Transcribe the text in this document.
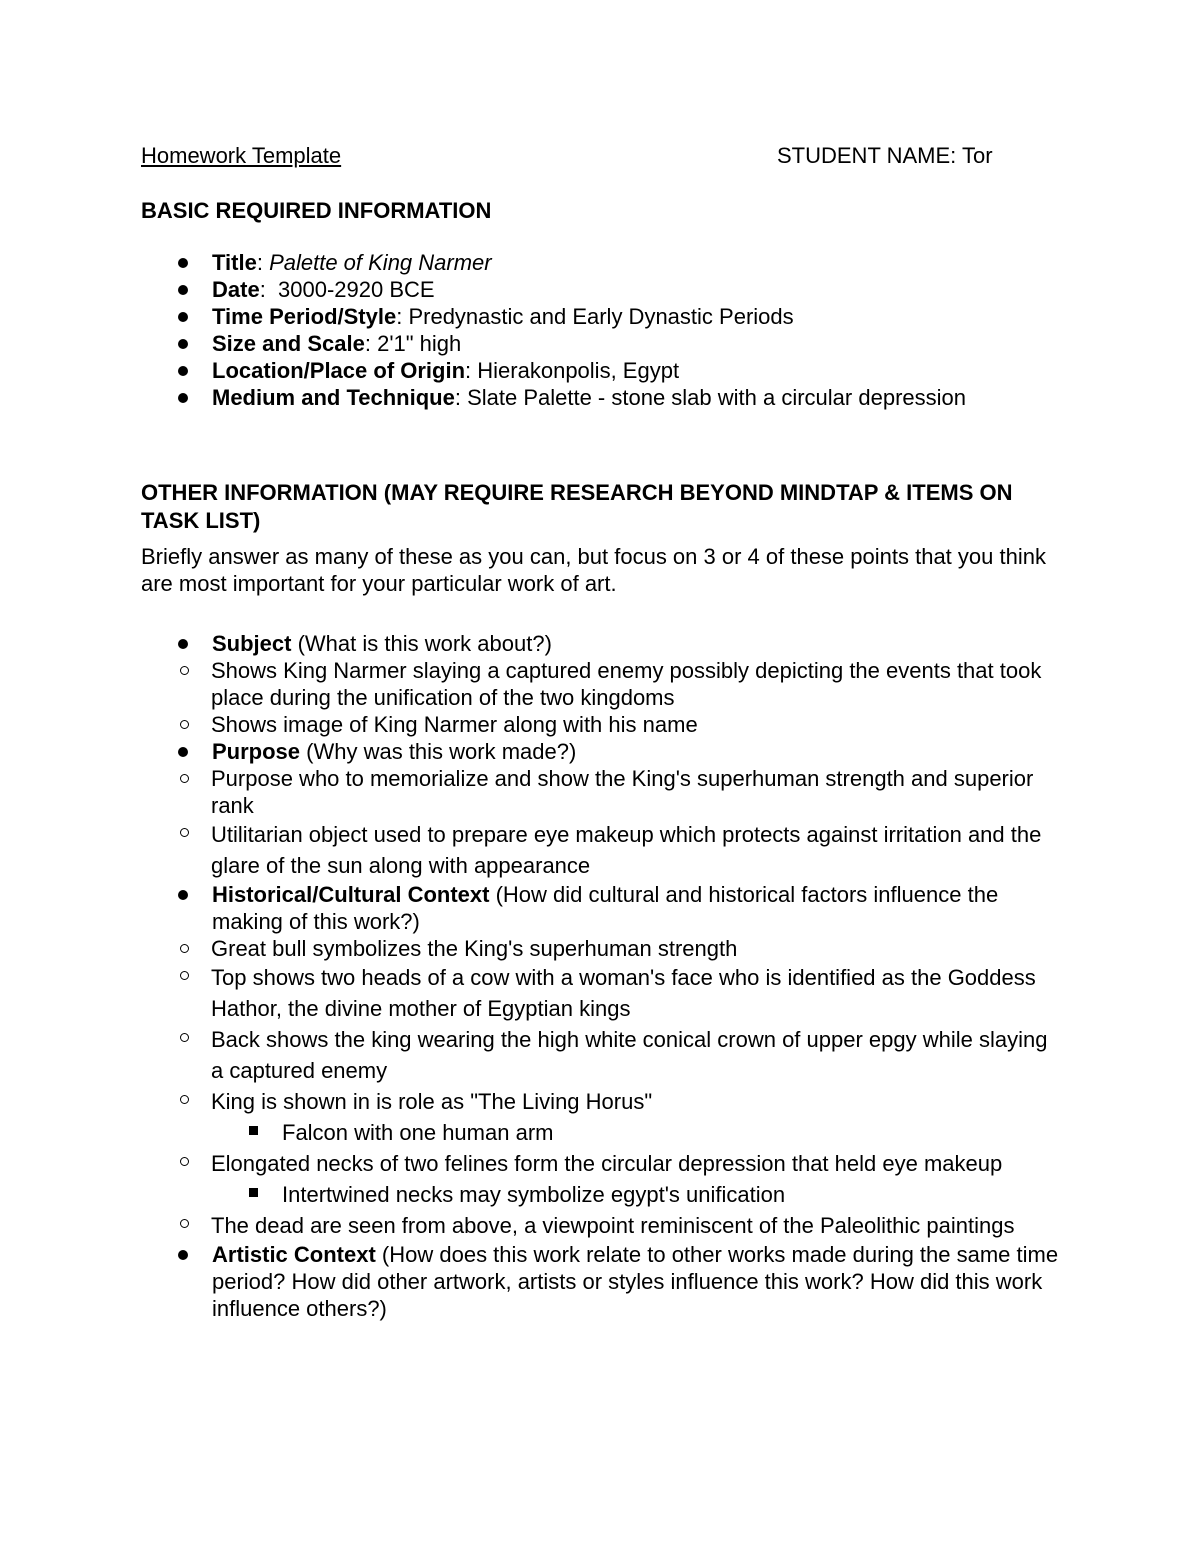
Homework Template	STUDENT NAME: Tor

BASIC REQUIRED INFORMATION

Title: Palette of King Narmer
Date:  3000-2920 BCE
Time Period/Style: Predynastic and Early Dynastic Periods
Size and Scale: 2'1" high
Location/Place of Origin: Hierakonpolis, Egypt
Medium and Technique: Slate Palette - stone slab with a circular depression

OTHER INFORMATION (MAY REQUIRE RESEARCH BEYOND MINDTAP & ITEMS ON TASK LIST)

Briefly answer as many of these as you can, but focus on 3 or 4 of these points that you think are most important for your particular work of art.

Subject (What is this work about?)
Shows King Narmer slaying a captured enemy possibly depicting the events that took place during the unification of the two kingdoms
Shows image of King Narmer along with his name
Purpose (Why was this work made?)
Purpose who to memorialize and show the King's superhuman strength and superior rank
Utilitarian object used to prepare eye makeup which protects against irritation and the glare of the sun along with appearance
Historical/Cultural Context (How did cultural and historical factors influence the making of this work?)
Great bull symbolizes the King's superhuman strength
Top shows two heads of a cow with a woman's face who is identified as the Goddess Hathor, the divine mother of Egyptian kings
Back shows the king wearing the high white conical crown of upper epgy while slaying a captured enemy
King is shown in is role as "The Living Horus"
Falcon with one human arm
Elongated necks of two felines form the circular depression that held eye makeup
Intertwined necks may symbolize egypt's unification
The dead are seen from above, a viewpoint reminiscent of the Paleolithic paintings
Artistic Context (How does this work relate to other works made during the same time period? How did other artwork, artists or styles influence this work? How did this work influence others?)
